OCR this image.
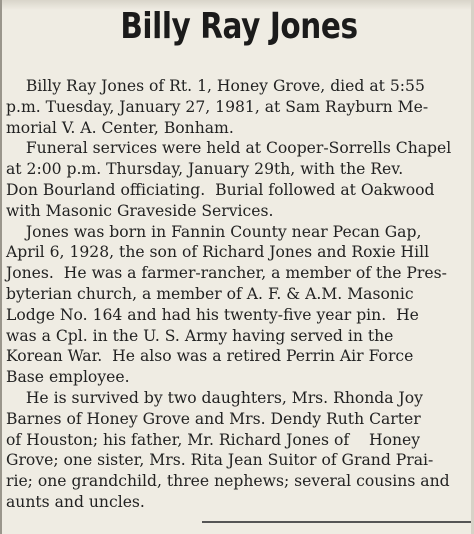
Billy Ray Jones
Billy Ray Jones of Rt. 1, Honey Grove, died at 5:55
p.m. Tuesday, January 27, 1981, at Sam Rayburn Me-
morial V. A. Center, Bonham.
Funeral services were held at Cooper-Sorrells Chapel
at 2:00 p.m. Thursday, January 29th, with the Rev.
Don Bourland officiating.  Burial followed at Oakwood
with Masonic Graveside Services.
Jones was born in Fannin County near Pecan Gap,
April 6, 1928, the son of Richard Jones and Roxie Hill
Jones.  He was a farmer-rancher, a member of the Pres-
byterian church, a member of A. F. & A.M. Masonic
Lodge No. 164 and had his twenty-five year pin.  He
was a Cpl. in the U. S. Army having served in the
Korean War.  He also was a retired Perrin Air Force
Base employee.
He is survived by two daughters, Mrs. Rhonda Joy
Barnes of Honey Grove and Mrs. Dendy Ruth Carter
of Houston; his father, Mr. Richard Jones of    Honey
Grove; one sister, Mrs. Rita Jean Suitor of Grand Prai-
rie; one grandchild, three nephews; several cousins and
aunts and uncles.
